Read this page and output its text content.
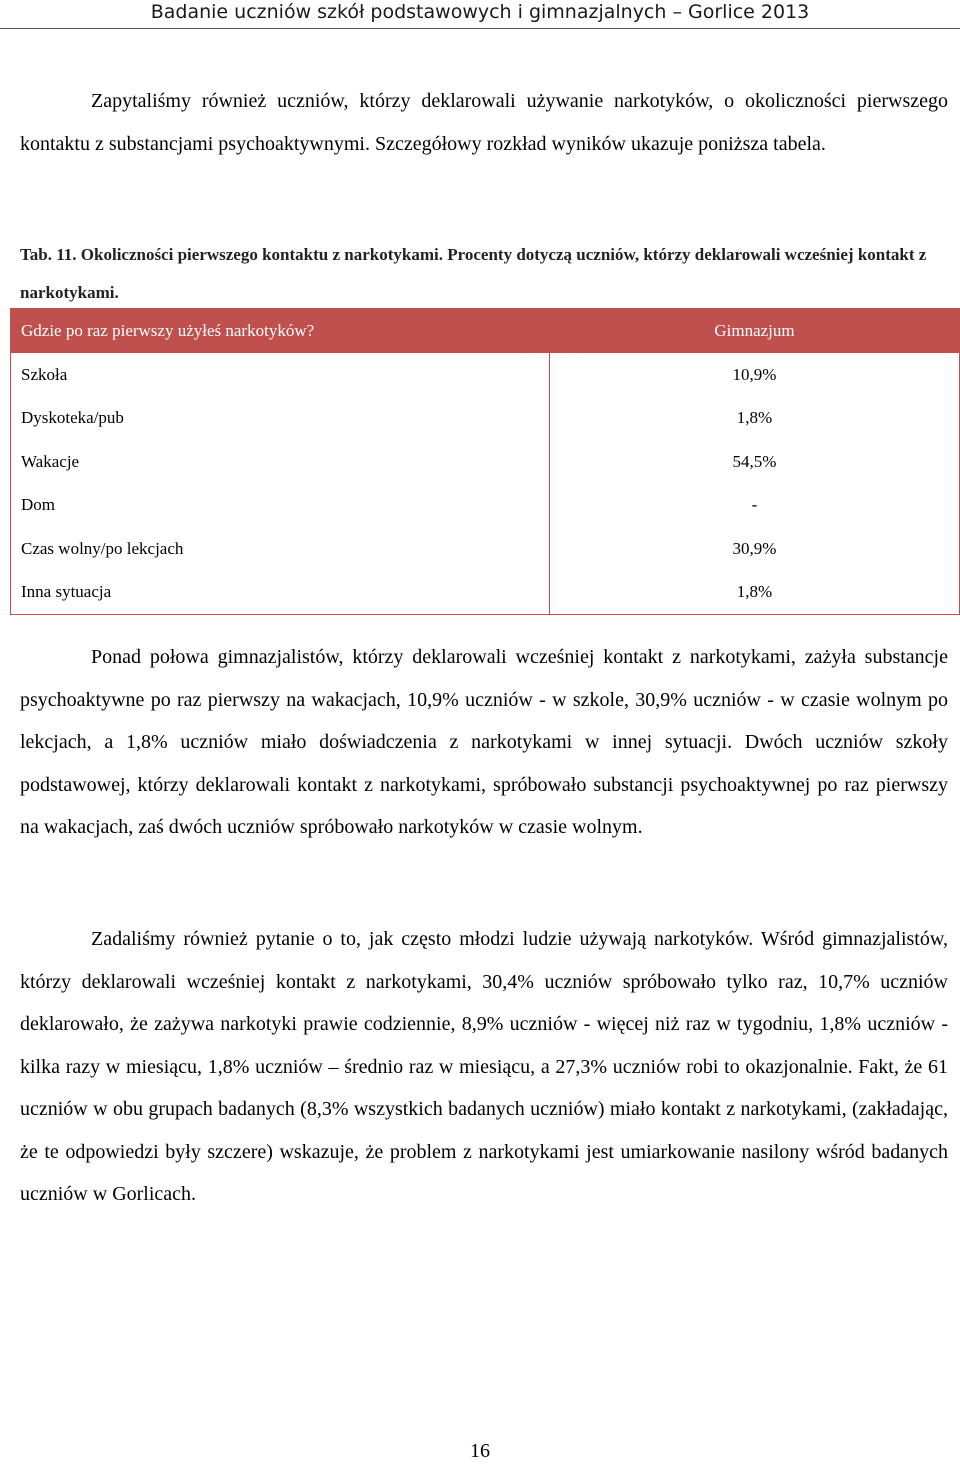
Badanie uczniów szkół podstawowych i gimnazjalnych – Gorlice 2013
Zapytaliśmy również uczniów, którzy deklarowali używanie narkotyków, o okoliczności pierwszego kontaktu z substancjami psychoaktywnymi. Szczegółowy rozkład wyników ukazuje poniższa tabela.
Tab. 11. Okoliczności pierwszego kontaktu z narkotykami. Procenty dotyczą uczniów, którzy deklarowali wcześniej kontakt z narkotykami.
Gdzie po raz pierwszy użyłeś narkotyków?	Gimnazjum
Szkoła	10,9%
Dyskoteka/pub	1,8%
Wakacje	54,5%
Dom	-
Czas wolny/po lekcjach	30,9%
Inna sytuacja	1,8%
Ponad połowa gimnazjalistów, którzy deklarowali wcześniej kontakt z narkotykami, zażyła substancje psychoaktywne po raz pierwszy na wakacjach, 10,9% uczniów - w szkole, 30,9% uczniów - w czasie wolnym po lekcjach, a 1,8% uczniów miało doświadczenia z narkotykami w innej sytuacji. Dwóch uczniów szkoły podstawowej, którzy deklarowali kontakt z narkotykami, spróbowało substancji psychoaktywnej po raz pierwszy na wakacjach, zaś dwóch uczniów spróbowało narkotyków w czasie wolnym.
Zadaliśmy również pytanie o to, jak często młodzi ludzie używają narkotyków. Wśród gimnazjalistów, którzy deklarowali wcześniej kontakt z narkotykami, 30,4% uczniów spróbowało tylko raz, 10,7% uczniów deklarowało, że zażywa narkotyki prawie codziennie, 8,9% uczniów - więcej niż raz w tygodniu, 1,8% uczniów - kilka razy w miesiącu, 1,8% uczniów – średnio raz w miesiącu, a 27,3% uczniów robi to okazjonalnie. Fakt, że 61 uczniów w obu grupach badanych (8,3% wszystkich badanych uczniów) miało kontakt z narkotykami, (zakładając, że te odpowiedzi były szczere) wskazuje, że problem z narkotykami jest umiarkowanie nasilony wśród badanych uczniów w Gorlicach.
16
